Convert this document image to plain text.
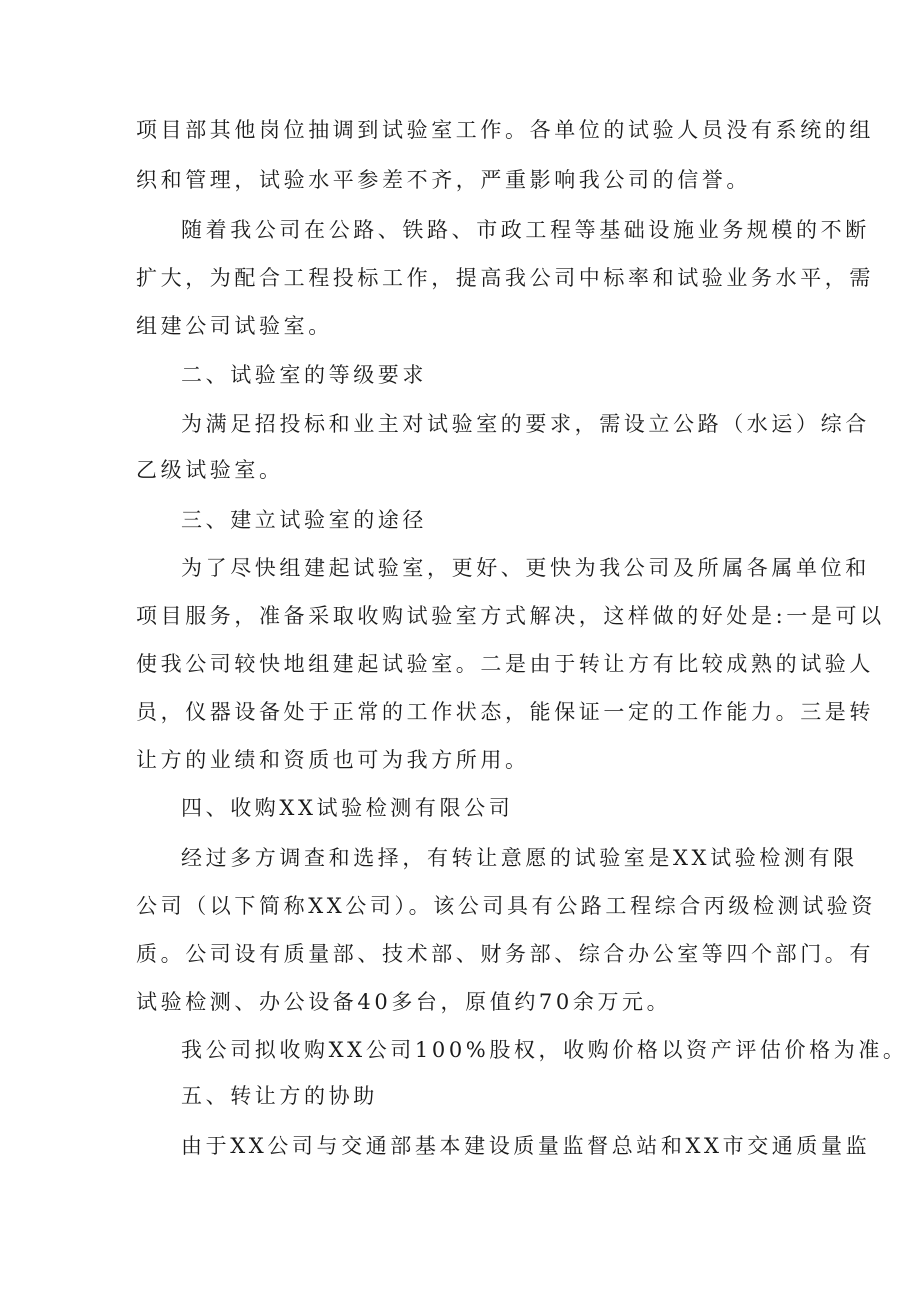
项目部其他岗位抽调到试验室工作。各单位的试验人员没有系统的组
织和管理，试验水平参差不齐，严重影响我公司的信誉。
随着我公司在公路、铁路、市政工程等基础设施业务规模的不断
扩大，为配合工程投标工作，提高我公司中标率和试验业务水平，需
组建公司试验室。
二、试验室的等级要求
为满足招投标和业主对试验室的要求，需设立公路（水运）综合
乙级试验室。
三、建立试验室的途径
为了尽快组建起试验室，更好、更快为我公司及所属各属单位和
项目服务，准备采取收购试验室方式解决，这样做的好处是:一是可以
使我公司较快地组建起试验室。二是由于转让方有比较成熟的试验人
员，仪器设备处于正常的工作状态，能保证一定的工作能力。三是转
让方的业绩和资质也可为我方所用。
四、收购XX试验检测有限公司
经过多方调查和选择，有转让意愿的试验室是XX试验检测有限
公司（以下简称XX公司）。该公司具有公路工程综合丙级检测试验资
质。公司设有质量部、技术部、财务部、综合办公室等四个部门。有
试验检测、办公设备40多台，原值约70余万元。
我公司拟收购XX公司100%股权，收购价格以资产评估价格为准。
五、转让方的协助
由于XX公司与交通部基本建设质量监督总站和XX市交通质量监
